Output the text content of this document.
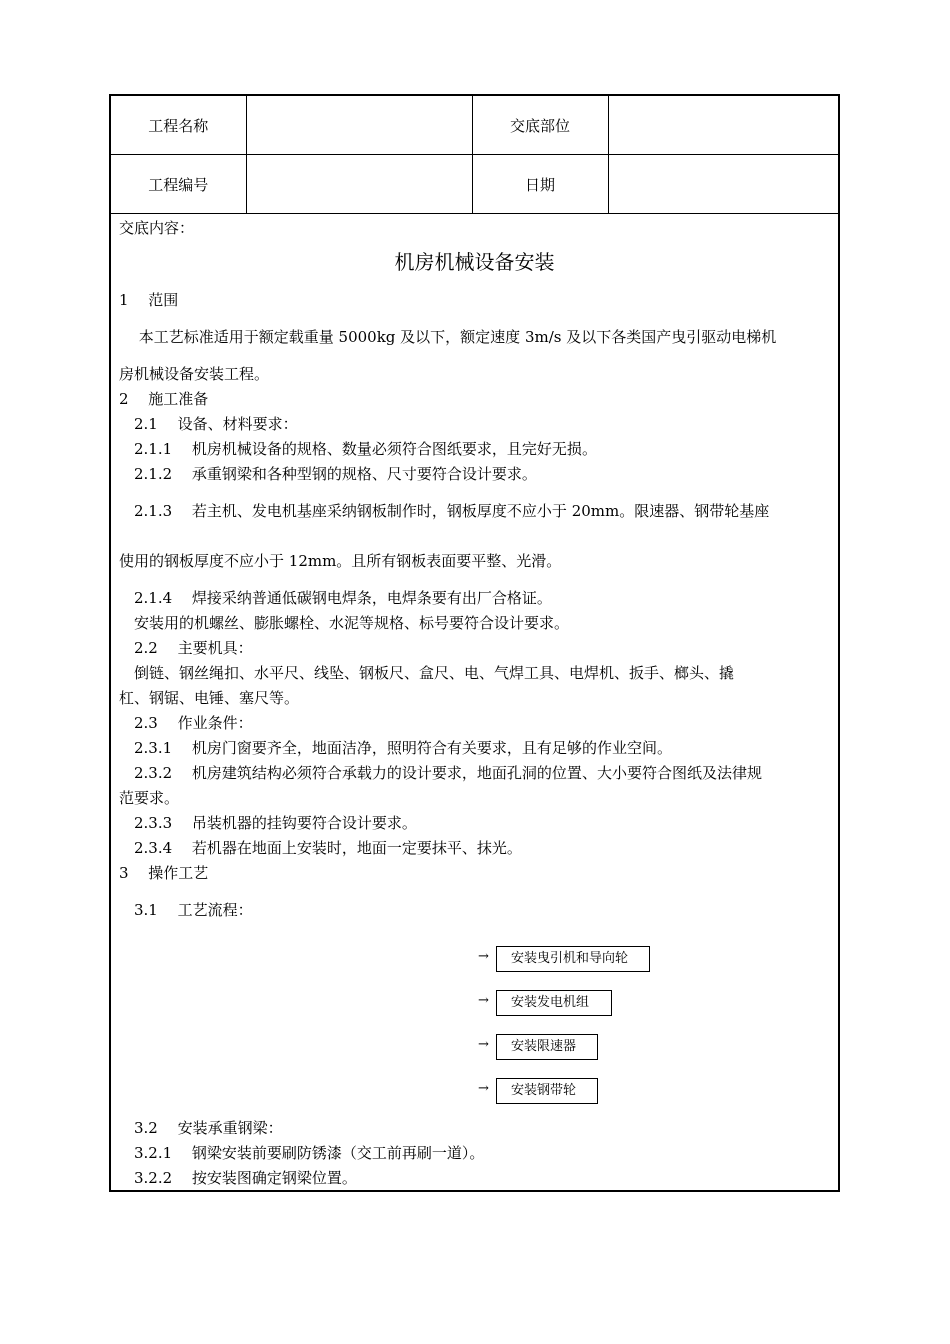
工程名称		交底部位	
工程编号		日期	
交底内容：
机房机械设备安装
1　 范围
　 本工艺标准适用于额定载重量 5000kg 及以下，额定速度 3m/s 及以下各类国产曳引驱动电梯机
房机械设备安装工程。
2　 施工准备
　2.1　 设备、材料要求：
　2.1.1　 机房机械设备的规格、数量必须符合图纸要求，且完好无损。
　2.1.2　 承重钢梁和各种型钢的规格、尺寸要符合设计要求。
　2.1.3　 若主机、发电机基座采纳钢板制作时，钢板厚度不应小于 20mm。限速器、钢带轮基座
使用的钢板厚度不应小于 12mm。且所有钢板表面要平整、光滑。
　2.1.4　 焊接采纳普通低碳钢电焊条，电焊条要有出厂合格证。
　安装用的机螺丝、膨胀螺栓、水泥等规格、标号要符合设计要求。
　2.2　 主要机具：
　倒链、钢丝绳扣、水平尺、线坠、钢板尺、盒尺、电、气焊工具、电焊机、扳手、榔头、撬
杠、钢锯、电锤、塞尺等。
　2.3　 作业条件：
　2.3.1　 机房门窗要齐全，地面洁净，照明符合有关要求，且有足够的作业空间。
　2.3.2　 机房建筑结构必须符合承载力的设计要求，地面孔洞的位置、大小要符合图纸及法律规
范要求。
　2.3.3　 吊装机器的挂钩要符合设计要求。
　2.3.4　 若机器在地面上安装时，地面一定要抹平、抹光。
3　 操作工艺
　3.1　 工艺流程：
→	安装曳引机和导向轮
→	安装发电机组
→	安装限速器
→	安装钢带轮
　3.2　 安装承重钢梁：
　3.2.1　 钢梁安装前要刷防锈漆（交工前再刷一道）。
　3.2.2　 按安装图确定钢梁位置。
